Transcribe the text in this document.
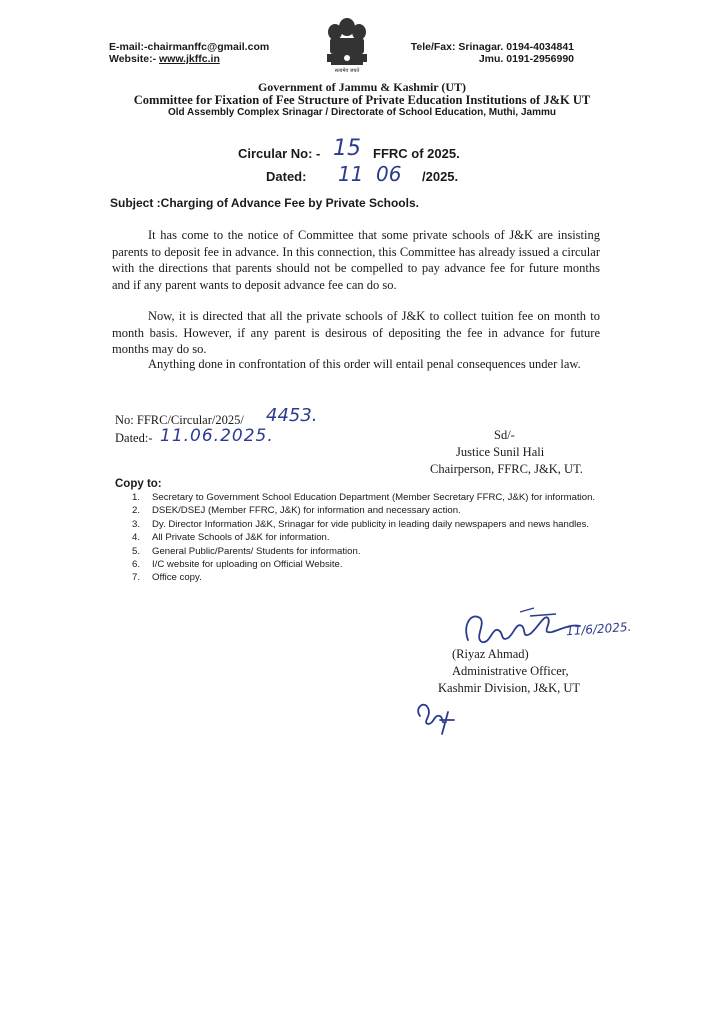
E-mail:-chairmanffc@gmail.com
Website:- www.jkffc.in
Tele/Fax: Srinagar. 0194-4034841
Jmu. 0191-2956990
सत्यमेव जयते
Government of Jammu & Kashmir (UT)
Committee for Fixation of Fee Structure of Private Education Institutions of J&K UT
Old Assembly Complex Srinagar / Directorate of School Education, Muthi, Jammu
Circular No: - 15 FFRC of 2025.
Dated: 11 06 /2025.
Subject :Charging of Advance Fee by Private Schools.
It has come to the notice of Committee that some private schools of J&K are insisting parents to deposit fee in advance. In this connection, this Committee has already issued a circular with the directions that parents should not be compelled to pay advance fee for future months and if any parent wants to deposit advance fee can do so.
Now, it is directed that all the private schools of J&K to collect tuition fee on month to month basis. However, if any parent is desirous of depositing the fee in advance for future months may do so.
Anything done in confrontation of this order will entail penal consequences under law.
No: FFRC/Circular/2025/ 4453.
Dated:- 11.06.2025.	Sd/-
Justice Sunil Hali
Chairperson, FFRC, J&K, UT.
Copy to:
1.	Secretary to Government School Education Department (Member Secretary FFRC, J&K) for information.
2.	DSEK/DSEJ (Member FFRC, J&K) for information and necessary action.
3.	Dy. Director Information J&K, Srinagar for vide publicity in leading daily newspapers and news handles.
4.	All Private Schools of J&K for information.
5.	General Public/Parents/ Students for information.
6.	I/C website for uploading on Official Website.
7.	Office copy.
11/6/2025.
(Riyaz Ahmad)
Administrative Officer,
Kashmir Division, J&K, UT
